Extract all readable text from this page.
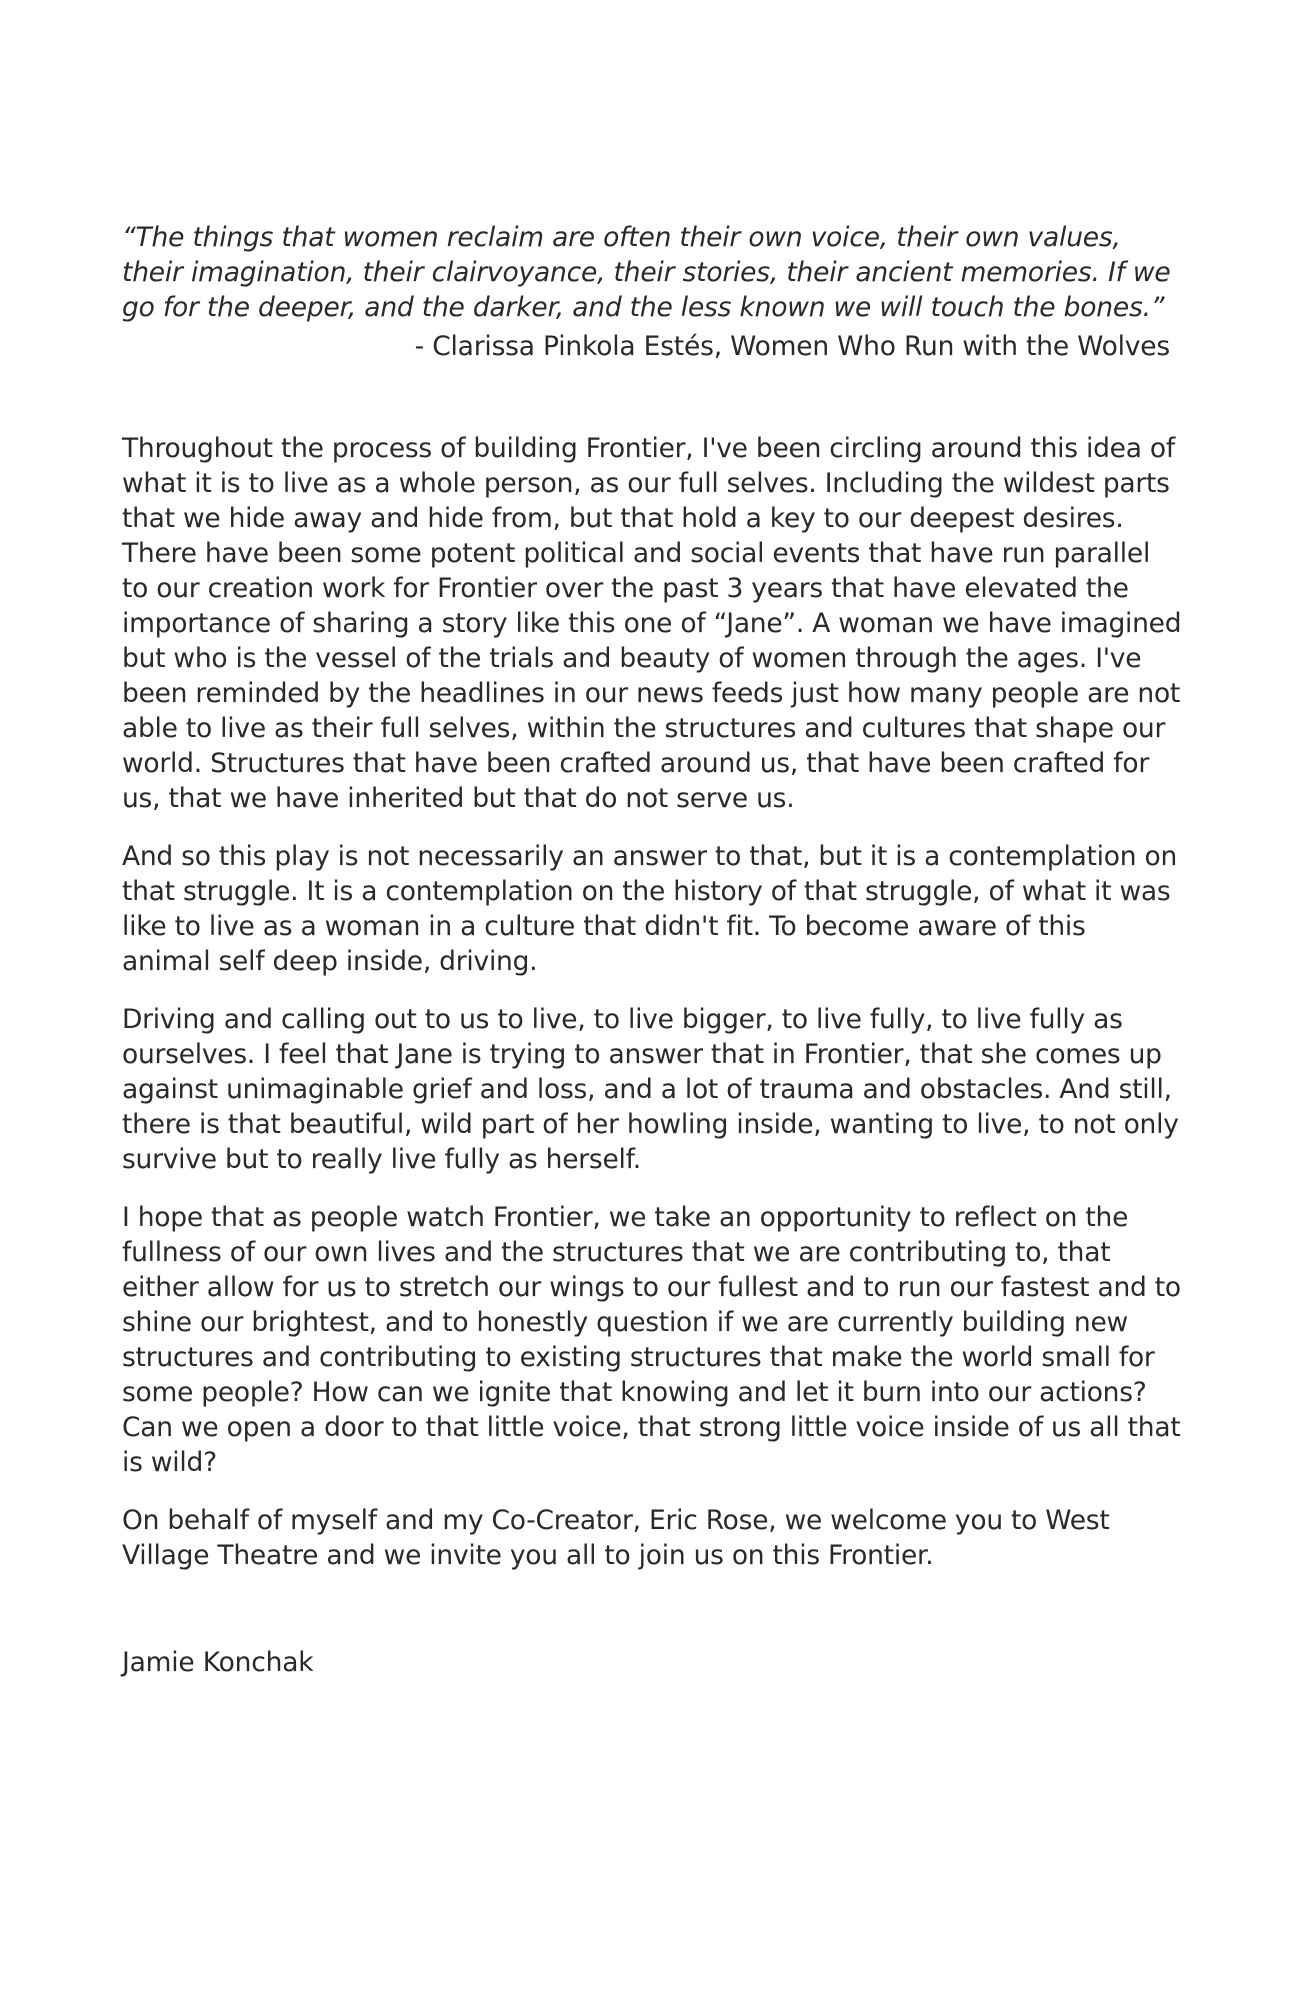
“The things that women reclaim are often their own voice, their own values, their imagination, their clairvoyance, their stories, their ancient memories. If we go for the deeper, and the darker, and the less known we will touch the bones.”

- Clarissa Pinkola Estés, Women Who Run with the Wolves

Throughout the process of building Frontier, I've been circling around this idea of what it is to live as a whole person, as our full selves. Including the wildest parts that we hide away and hide from, but that hold a key to our deepest desires. There have been some potent political and social events that have run parallel to our creation work for Frontier over the past 3 years that have elevated the importance of sharing a story like this one of “Jane”. A woman we have imagined but who is the vessel of the trials and beauty of women through the ages. I've been reminded by the headlines in our news feeds just how many people are not able to live as their full selves, within the structures and cultures that shape our world. Structures that have been crafted around us, that have been crafted for us, that we have inherited but that do not serve us.

And so this play is not necessarily an answer to that, but it is a contemplation on that struggle. It is a contemplation on the history of that struggle, of what it was like to live as a woman in a culture that didn't fit. To become aware of this animal self deep inside, driving.

Driving and calling out to us to live, to live bigger, to live fully, to live fully as ourselves. I feel that Jane is trying to answer that in Frontier, that she comes up against unimaginable grief and loss, and a lot of trauma and obstacles. And still, there is that beautiful, wild part of her howling inside, wanting to live, to not only survive but to really live fully as herself.

I hope that as people watch Frontier, we take an opportunity to reflect on the fullness of our own lives and the structures that we are contributing to, that either allow for us to stretch our wings to our fullest and to run our fastest and to shine our brightest, and to honestly question if we are currently building new structures and contributing to existing structures that make the world small for some people? How can we ignite that knowing and let it burn into our actions? Can we open a door to that little voice, that strong little voice inside of us all that is wild?

On behalf of myself and my Co-Creator, Eric Rose, we welcome you to West Village Theatre and we invite you all to join us on this Frontier.

Jamie Konchak
